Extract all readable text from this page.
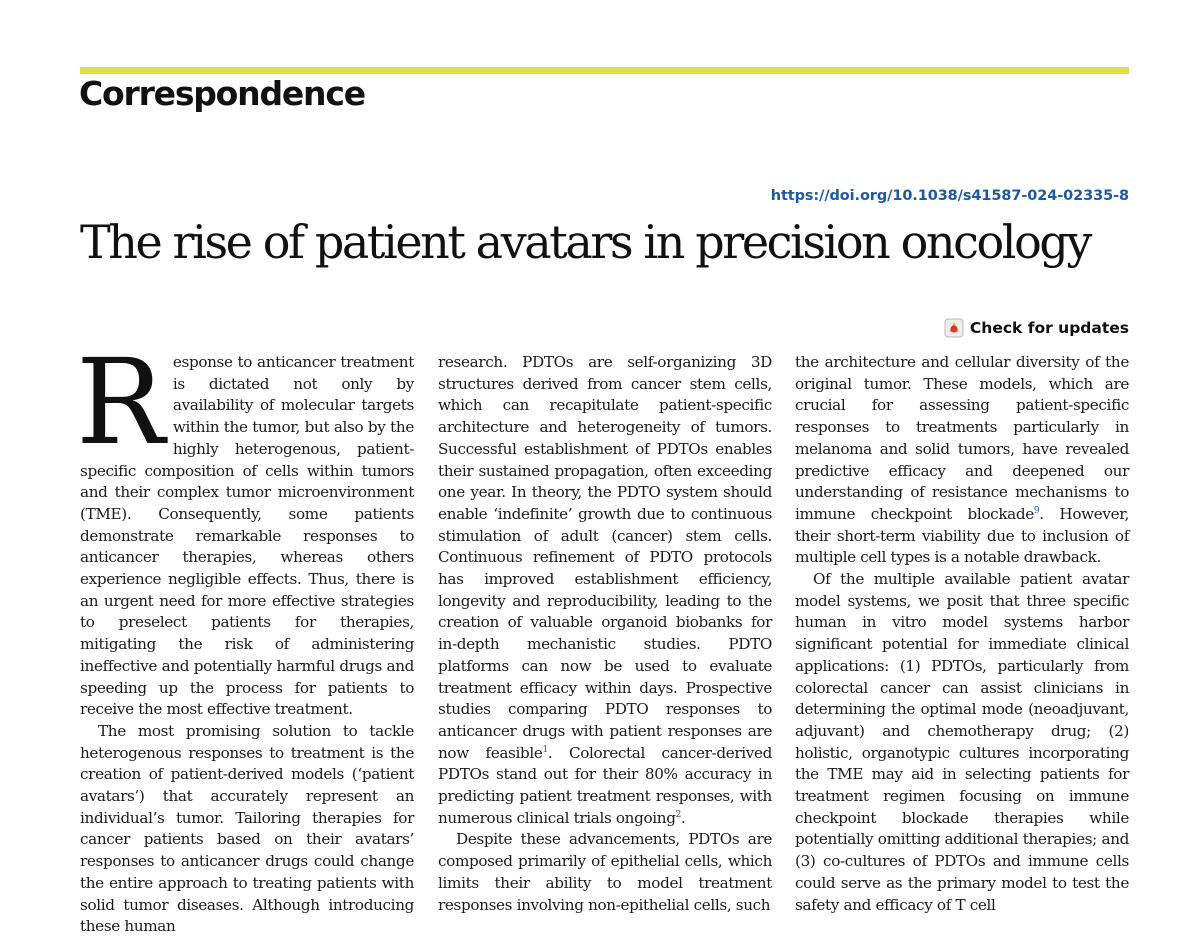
Correspondence
https://doi.org/10.1038/s41587-024-02335-8
The rise of patient avatars in precision oncology
Check for updates

Response to anticancer treatment is dictated not only by availability of molecular targets within the tumor, but also by the highly heterogenous, patient-specific composition of cells within tumors and their complex tumor microenvironment (TME). Consequently, some patients demonstrate remarkable responses to anticancer therapies, whereas others experience negligible effects. Thus, there is an urgent need for more effective strategies to preselect patients for therapies, mitigating the risk of administering ineffective and potentially harmful drugs and speeding up the process for patients to receive the most effective treatment.

The most promising solution to tackle heterogenous responses to treatment is the creation of patient-derived models (‘patient avatars’) that accurately represent an individual’s tumor. Tailoring therapies for cancer patients based on their avatars’ responses to anticancer drugs could change the entire approach to treating patients with solid tumor diseases. Although introducing these human

research. PDTOs are self-organizing 3D structures derived from cancer stem cells, which can recapitulate patient-specific architecture and heterogeneity of tumors. Successful establishment of PDTOs enables their sustained propagation, often exceeding one year. In theory, the PDTO system should enable ‘indefinite’ growth due to continuous stimulation of adult (cancer) stem cells. Continuous refinement of PDTO protocols has improved establishment efficiency, longevity and reproducibility, leading to the creation of valuable organoid biobanks for in-depth mechanistic studies. PDTO platforms can now be used to evaluate treatment efficacy within days. Prospective studies comparing PDTO responses to anticancer drugs with patient responses are now feasible$^1$. Colorectal cancer-derived PDTOs stand out for their 80% accuracy in predicting patient treatment responses, with numerous clinical trials ongoing$^2$.

Despite these advancements, PDTOs are composed primarily of epithelial cells, which limits their ability to model treatment responses involving non-epithelial cells, such

the architecture and cellular diversity of the original tumor. These models, which are crucial for assessing patient-specific responses to treatments particularly in melanoma and solid tumors, have revealed predictive efficacy and deepened our understanding of resistance mechanisms to immune checkpoint blockade$^9$. However, their short-term viability due to inclusion of multiple cell types is a notable drawback.

Of the multiple available patient avatar model systems, we posit that three specific human in vitro model systems harbor significant potential for immediate clinical applications: (1) PDTOs, particularly from colorectal cancer can assist clinicians in determining the optimal mode (neoadjuvant, adjuvant) and chemotherapy drug; (2) holistic, organotypic cultures incorporating the TME may aid in selecting patients for treatment regimen focusing on immune checkpoint blockade therapies while potentially omitting additional therapies; and (3) co-cultures of PDTOs and immune cells could serve as the primary model to test the safety and efficacy of T cell
